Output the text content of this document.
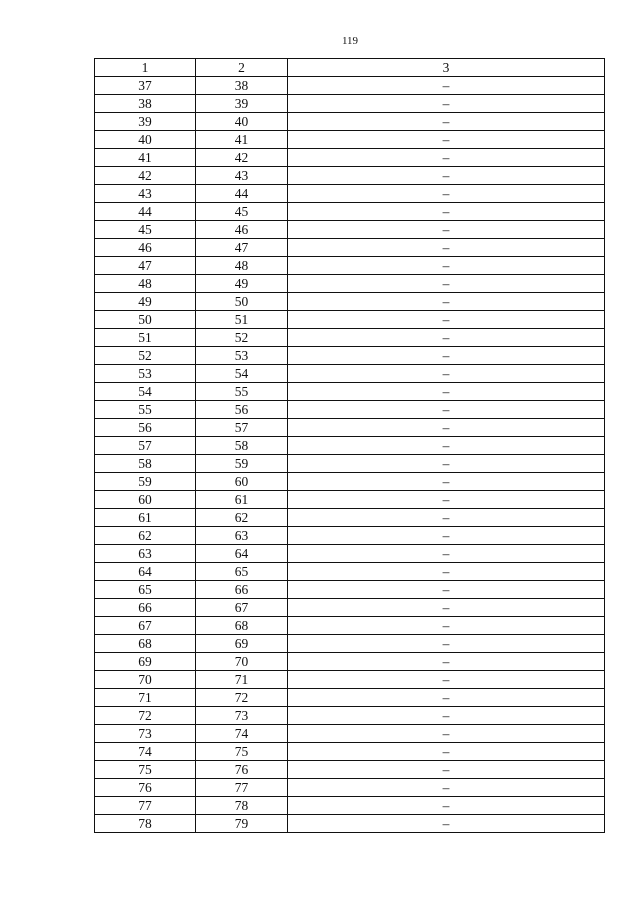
119
1	2	3
37	38	–
38	39	–
39	40	–
40	41	–
41	42	–
42	43	–
43	44	–
44	45	–
45	46	–
46	47	–
47	48	–
48	49	–
49	50	–
50	51	–
51	52	–
52	53	–
53	54	–
54	55	–
55	56	–
56	57	–
57	58	–
58	59	–
59	60	–
60	61	–
61	62	–
62	63	–
63	64	–
64	65	–
65	66	–
66	67	–
67	68	–
68	69	–
69	70	–
70	71	–
71	72	–
72	73	–
73	74	–
74	75	–
75	76	–
76	77	–
77	78	–
78	79	–
